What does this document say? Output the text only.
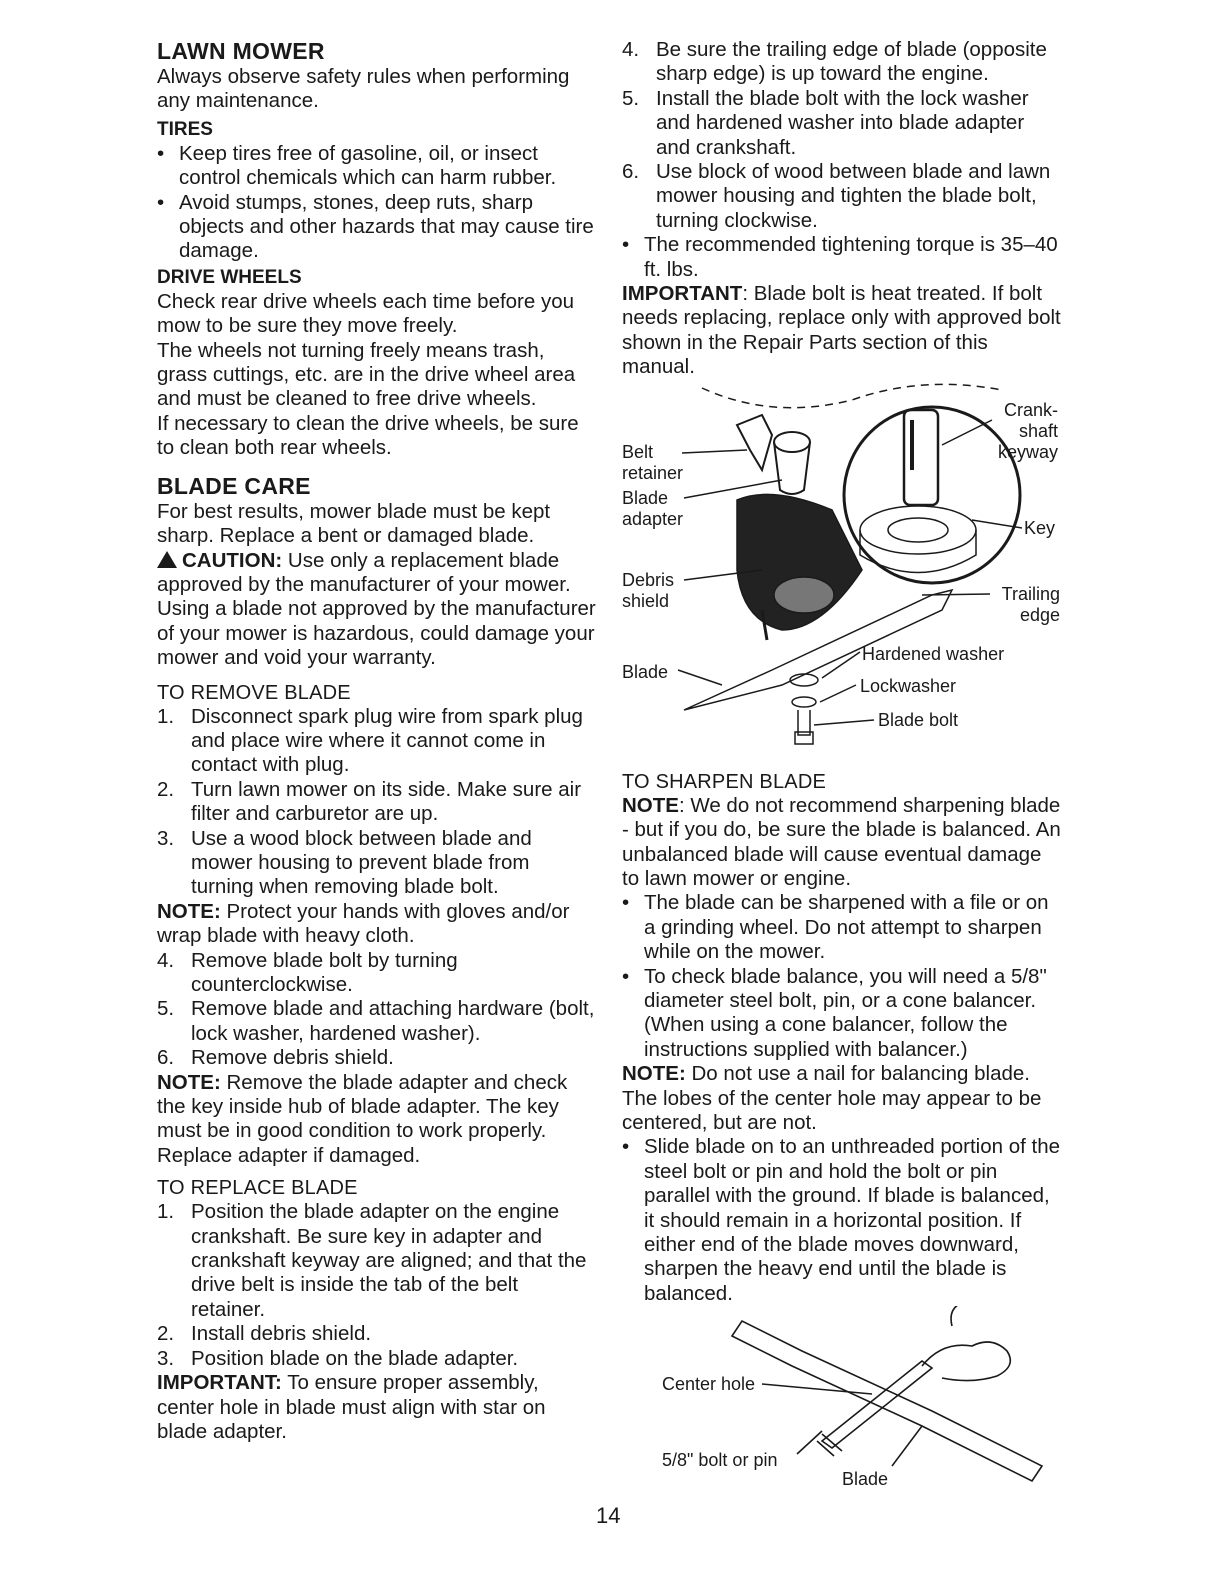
LAWN MOWER

Always observe safety rules when performing any maintenance.

TIRES

• Keep tires free of gasoline, oil, or insect control chemicals which can harm rubber.

• Avoid stumps, stones, deep ruts, sharp objects and other hazards that may cause tire damage.

DRIVE WHEELS

Check rear drive wheels each time before you mow to be sure they move freely.

The wheels not turning freely means trash, grass cuttings, etc. are in the drive wheel area and must be cleaned to free drive wheels.

If necessary to clean the drive wheels, be sure to clean both rear wheels.

BLADE CARE

For best results, mower blade must be kept sharp. Replace a bent or damaged blade.

CAUTION: Use only a replacement blade approved by the manufacturer of your mower. Using a blade not approved by the manufacturer of your mower is hazardous, could damage your mower and void your warranty.

TO REMOVE BLADE

1. Disconnect spark plug wire from spark plug and place wire where it cannot come in contact with plug.

2. Turn lawn mower on its side. Make sure air filter and carburetor are up.

3. Use a wood block between blade and mower housing to prevent blade from turning when removing blade bolt.

NOTE: Protect your hands with gloves and/or wrap blade with heavy cloth.

4. Remove blade bolt by turning counterclockwise.

5. Remove blade and attaching hardware (bolt, lock washer, hardened washer).

6. Remove debris shield.

NOTE: Remove the blade adapter and check the key inside hub of blade adapter. The key must be in good condition to work properly. Replace adapter if damaged.

TO REPLACE BLADE

1. Position the blade adapter on the engine crankshaft. Be sure key in adapter and crankshaft keyway are aligned; and that the drive belt is inside the tab of the belt retainer.

2. Install debris shield.

3. Position blade on the blade adapter.

IMPORTANT: To ensure proper assembly, center hole in blade must align with star on blade adapter.

4. Be sure the trailing edge of blade (opposite sharp edge) is up toward the engine.

5. Install the blade bolt with the lock washer and hardened washer into blade adapter and crankshaft.

6. Use block of wood between blade and lawn mower housing and tighten the blade bolt, turning clockwise.

• The recommended tightening torque is 35–40 ft. lbs.

IMPORTANT: Blade bolt is heat treated. If bolt needs replacing, replace only with approved bolt shown in the Repair Parts section of this manual.

Belt retainer
Blade adapter
Debris shield
Blade
Crank-shaft keyway
Key
Trailing edge
Hardened washer
Lockwasher
Blade bolt

TO SHARPEN BLADE

NOTE: We do not recommend sharpening blade - but if you do, be sure the blade is balanced. An unbalanced blade will cause eventual damage to lawn mower or engine.

• The blade can be sharpened with a file or on a grinding wheel. Do not attempt to sharpen while on the mower.

• To check blade balance, you will need a 5/8" diameter steel bolt, pin, or a cone balancer. (When using a cone balancer, follow the instructions supplied with balancer.)

NOTE: Do not use a nail for balancing blade. The lobes of the center hole may appear to be centered, but are not.

• Slide blade on to an unthreaded portion of the steel bolt or pin and hold the bolt or pin parallel with the ground. If blade is balanced, it should remain in a horizontal position. If either end of the blade moves downward, sharpen the heavy end until the blade is balanced.

Center hole
5/8" bolt or pin
Blade
14
